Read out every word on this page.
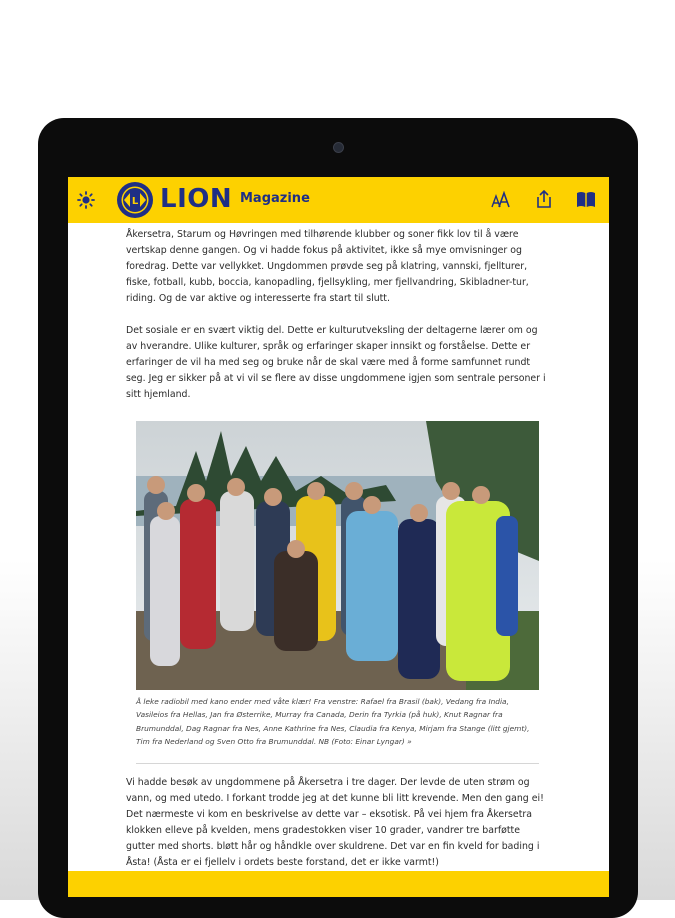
L LION Magazine

Åkersetra, Starum og Høvringen med tilhørende klubber og soner fikk lov til å være vertskap denne gangen. Og vi hadde fokus på aktivitet, ikke så mye omvisninger og foredrag. Dette var vellykket. Ungdommen prøvde seg på klatring, vannski, fjellturer, fiske, fotball, kubb, boccia, kanopadling, fjellsykling, mer fjellvandring, Skibladner-tur, riding. Og de var aktive og interesserte fra start til slutt.

Det sosiale er en svært viktig del. Dette er kulturutveksling der deltagerne lærer om og av hverandre. Ulike kulturer, språk og erfaringer skaper innsikt og forståelse. Dette er erfaringer de vil ha med seg og bruke når de skal være med å forme samfunnet rundt seg. Jeg er sikker på at vi vil se flere av disse ungdommene igjen som sentrale personer i sitt hjemland.

Å leke radiobil med kano ender med våte klær! Fra venstre: Rafael fra Brasil (bak), Vedang fra India, Vasileios fra Hellas, Jan fra Østerrike, Murray fra Canada, Derin fra Tyrkia (på huk), Knut Ragnar fra Brumunddal, Dag Ragnar fra Nes, Anne Kathrine fra Nes, Claudia fra Kenya, Mirjam fra Stange (litt gjemt), Tim fra Nederland og Sven Otto fra Brumunddal. NB (Foto: Einar Lyngar) »

Vi hadde besøk av ungdommene på Åkersetra i tre dager. Der levde de uten strøm og vann, og med utedo. I forkant trodde jeg at det kunne bli litt krevende. Men den gang ei! Det nærmeste vi kom en beskrivelse av dette var – eksotisk. På vei hjem fra Åkersetra klokken elleve på kvelden, mens gradestokken viser 10 grader, vandrer tre barføtte gutter med shorts. bløtt hår og håndkle over skuldrene. Det var en fin kveld for bading i Åsta! (Åsta er ei fjellelv i ordets beste forstand, det er ikke varmt!)
